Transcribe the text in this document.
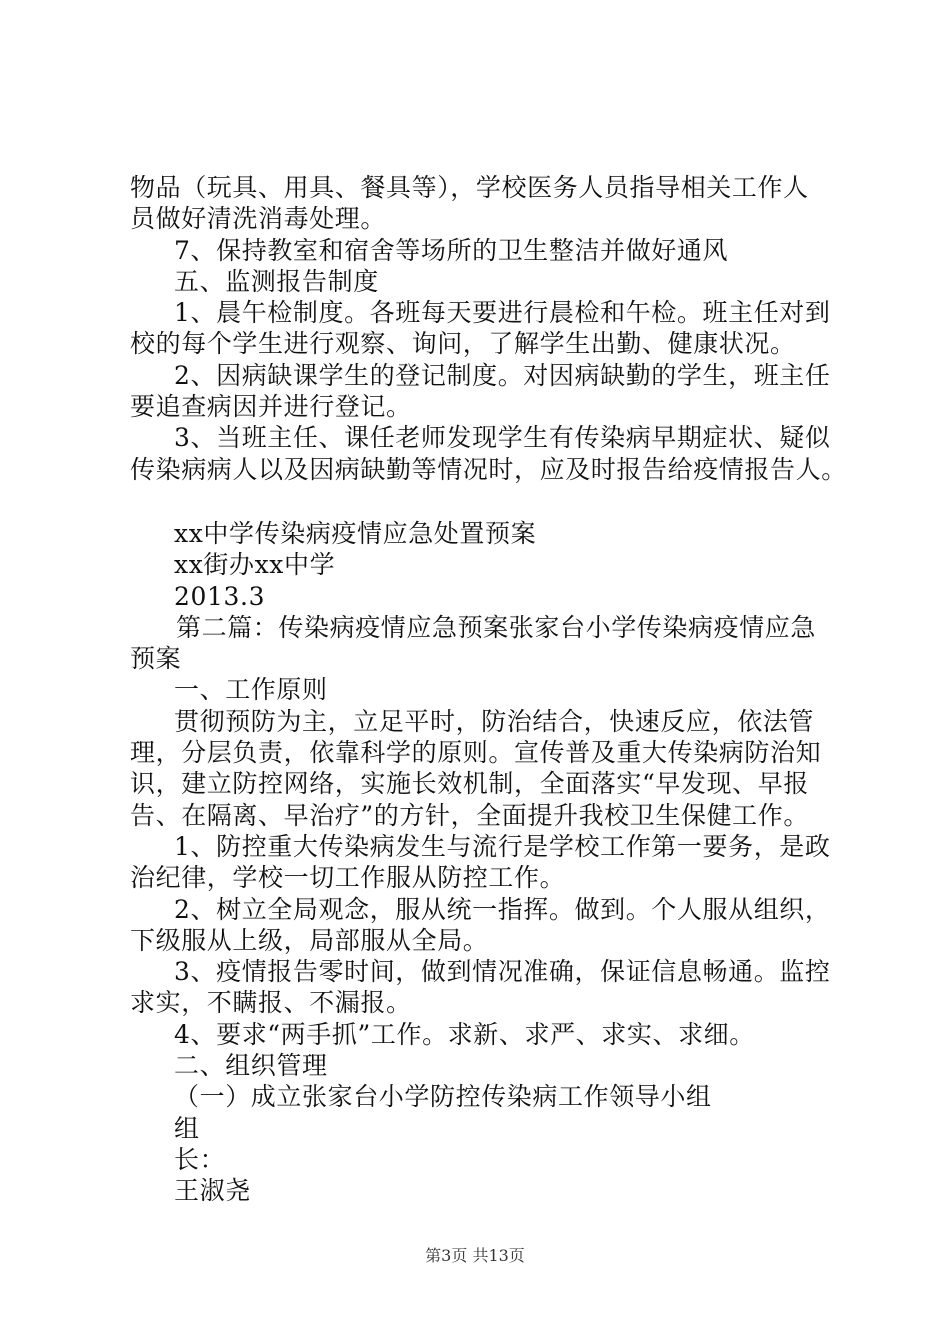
物品（玩具、用具、餐具等），学校医务人员指导相关工作人
员做好清洗消毒处理。
7、保持教室和宿舍等场所的卫生整洁并做好通风
五、监测报告制度
1、晨午检制度。各班每天要进行晨检和午检。班主任对到
校的每个学生进行观察、询问，了解学生出勤、健康状况。
2、因病缺课学生的登记制度。对因病缺勤的学生，班主任
要追查病因并进行登记。
3、当班主任、课任老师发现学生有传染病早期症状、疑似
传染病病人以及因病缺勤等情况时，应及时报告给疫情报告人。
xx中学传染病疫情应急处置预案
xx街办xx中学
2013.3
第二篇：传染病疫情应急预案张家台小学传染病疫情应急
预案
一、工作原则
贯彻预防为主，立足平时，防治结合，快速反应，依法管
理，分层负责，依靠科学的原则。宣传普及重大传染病防治知
识，建立防控网络，实施长效机制，全面落实“早发现、早报
告、在隔离、早治疗”的方针，全面提升我校卫生保健工作。
1、防控重大传染病发生与流行是学校工作第一要务，是政
治纪律，学校一切工作服从防控工作。
2、树立全局观念，服从统一指挥。做到。个人服从组织，
下级服从上级，局部服从全局。
3、疫情报告零时间，做到情况准确，保证信息畅通。监控
求实，不瞒报、不漏报。
4、要求“两手抓”工作。求新、求严、求实、求细。
二、组织管理
（一）成立张家台小学防控传染病工作领导小组
组
长：
王淑尧
第3页 共13页
